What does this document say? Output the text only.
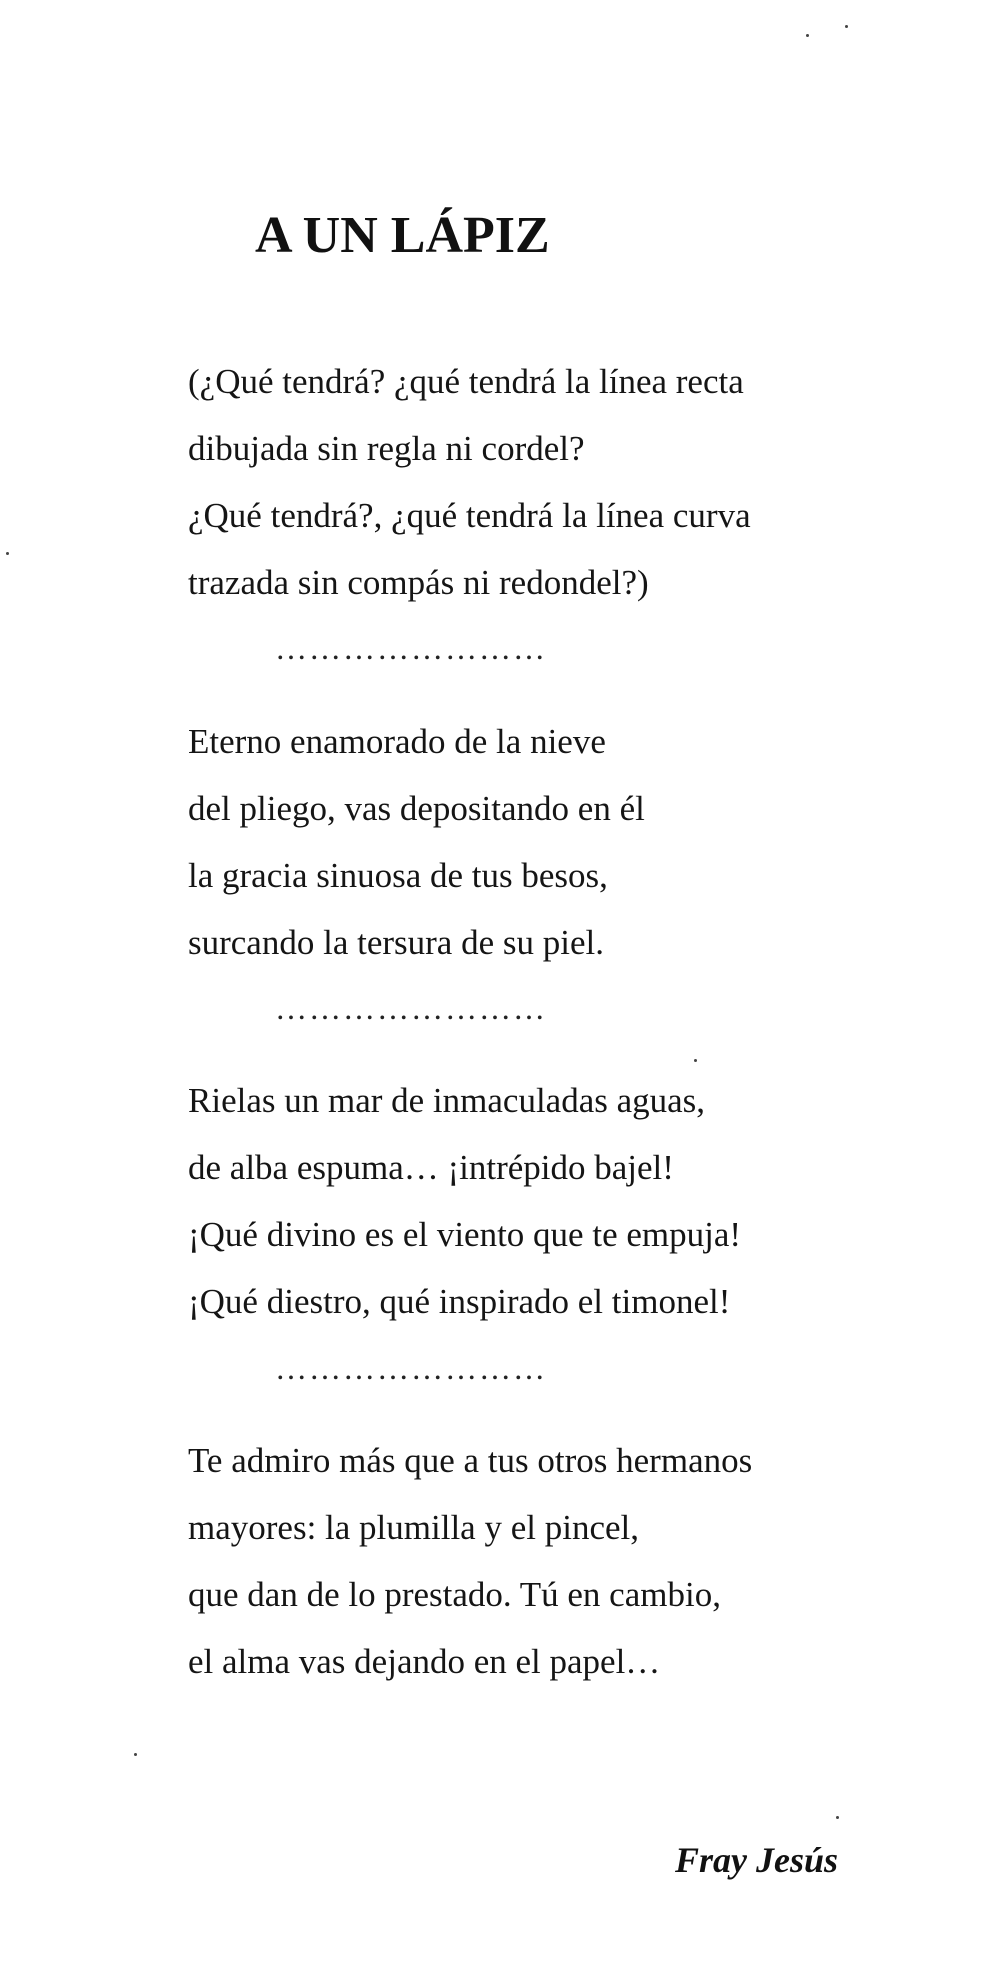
A UN LÁPIZ
(¿Qué tendrá? ¿qué tendrá la línea recta
dibujada sin regla ni cordel?
¿Qué tendrá?, ¿qué tendrá la línea curva
trazada sin compás ni redondel?)
……………………
Eterno enamorado de la nieve
del pliego, vas depositando en él
la gracia sinuosa de tus besos,
surcando la tersura de su piel.
……………………
Rielas un mar de inmaculadas aguas,
de alba espuma… ¡intrépido bajel!
¡Qué divino es el viento que te empuja!
¡Qué diestro, qué inspirado el timonel!
……………………
Te admiro más que a tus otros hermanos
mayores: la plumilla y el pincel,
que dan de lo prestado. Tú en cambio,
el alma vas dejando en el papel…
Fray Jesús
